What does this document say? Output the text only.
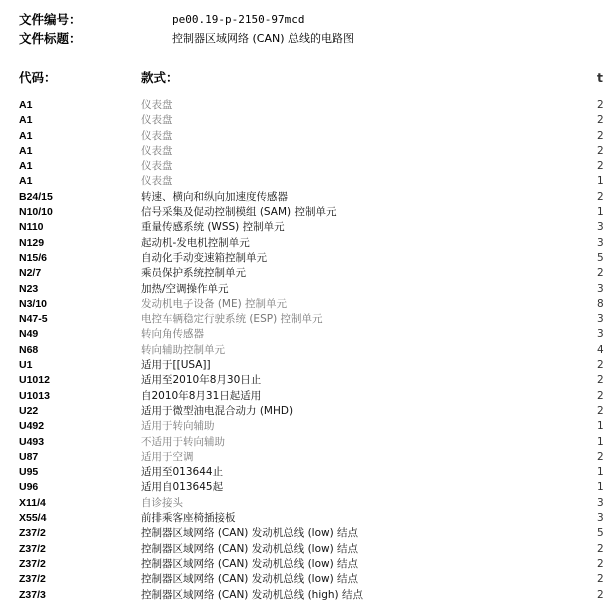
文件编号：	pe00.19-p-2150-97mcd
文件标题：	控制器区域网络 (CAN) 总线的电路图
代码：	款式：	t
A1	仪表盘	2
A1	仪表盘	2
A1	仪表盘	2
A1	仪表盘	2
A1	仪表盘	2
A1	仪表盘	1
B24/15	转速、横向和纵向加速度传感器	2
N10/10	信号采集及促动控制模组 (SAM) 控制单元	1
N110	重量传感系统 (WSS) 控制单元	3
N129	起动机-发电机控制单元	3
N15/6	自动化手动变速箱控制单元	5
N2/7	乘员保护系统控制单元	2
N23	加热/空调操作单元	3
N3/10	发动机电子设备 (ME) 控制单元	8
N47-5	电控车辆稳定行驶系统 (ESP) 控制单元	3
N49	转向角传感器	3
N68	转向辅助控制单元	4
U1	适用于[[USA]]	2
U1012	适用至2010年8月30日止	2
U1013	自2010年8月31日起适用	2
U22	适用于微型油电混合动力 (MHD)	2
U492	适用于转向辅助	1
U493	不适用于转向辅助	1
U87	适用于空调	2
U95	适用至013644止	1
U96	适用自013645起	1
X11/4	自诊接头	3
X55/4	前排乘客座椅插接板	3
Z37/2	控制器区域网络 (CAN) 发动机总线 (low) 结点	5
Z37/2	控制器区域网络 (CAN) 发动机总线 (low) 结点	2
Z37/2	控制器区域网络 (CAN) 发动机总线 (low) 结点	2
Z37/2	控制器区域网络 (CAN) 发动机总线 (low) 结点	2
Z37/3	控制器区域网络 (CAN) 发动机总线 (high) 结点	2
